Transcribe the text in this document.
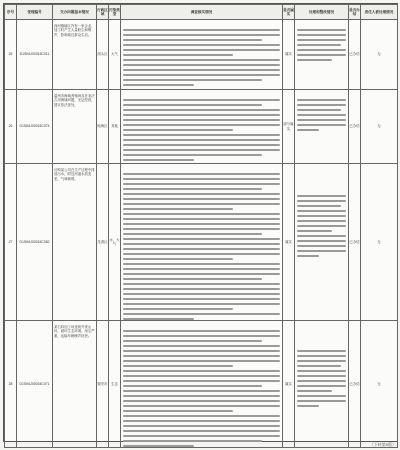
序号	受理编号	交办问题基本情况	行政区域	污染类型	调查核实情况	是否属实	处理和整改情况	是否办结	责任人被处理情况
25	D1SK6J00015C011	西河镇辖区内有一家企业，加工时产生大量粉尘和噪声，影响周边群众生活。	洞头区	大气		属实		已办结	无
26	D1SK6J00015C074	温州市海域养殖场存在非法占用海域问题，无证经营，建议依法查处。	瓯海区	其他		部分属实		已办结	无
27	D1SK6J00015C082	反映某公司在生产过程中排放污水，附近河道水质变差，气味刺鼻。	龙湾区	水，大气		属实		已办结	无
28	D1SK6J00015C071	某石料加工场违规开采山体，破坏生态环境，扬尘严重，运输车辆噪声扰民。	瑞安市	生态		属实		已办结	无
（下转第5版）
